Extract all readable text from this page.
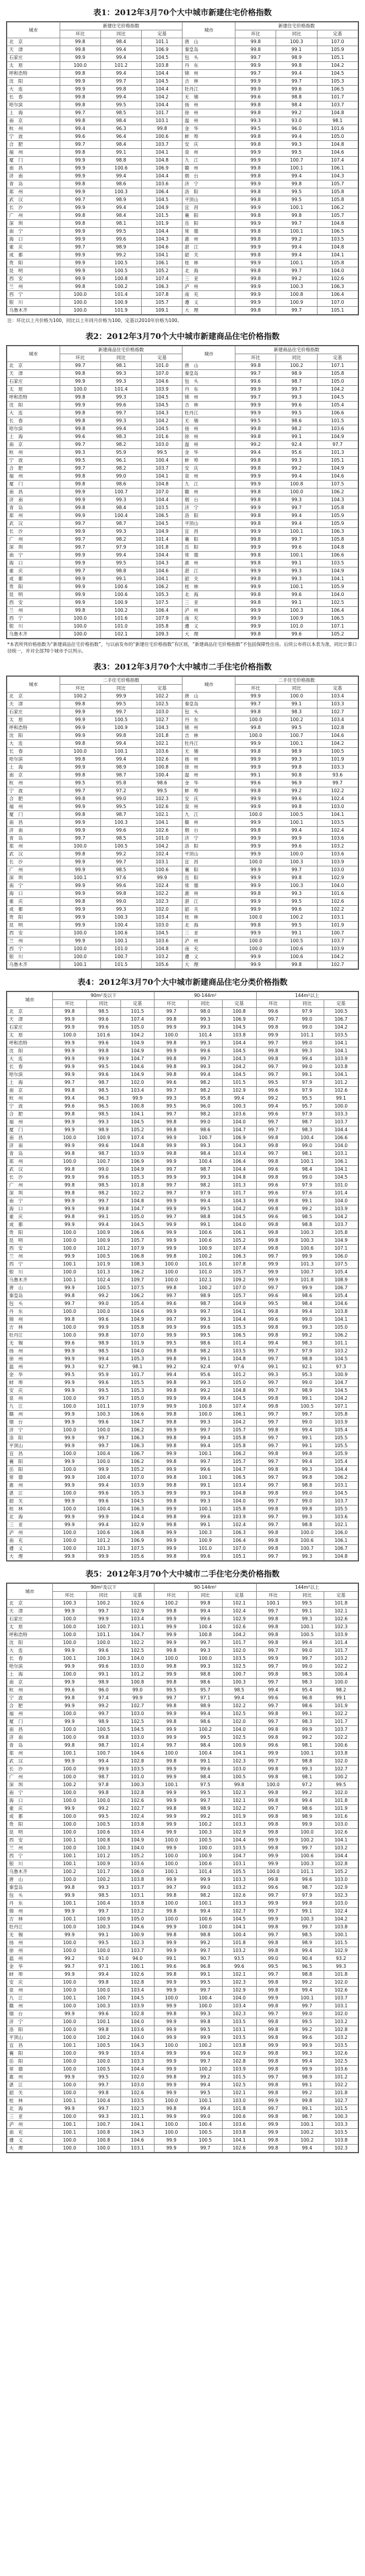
表1：2012年3月70个大中城市新建住宅价格指数
城市	新建住宅价格指数			城市	新建住宅价格指数		
	环比	同比	定基		环比	同比	定基
北　京	99.8	98.4	101.1	唐　山	99.8	100.3	107.0
天　津	99.8	99.4	106.9	秦皇岛	99.8	99.1	105.9
石家庄	99.9	99.4	104.5	包　头	99.7	98.9	105.1
太　原	100.0	101.2	103.8	丹　东	99.9	99.8	104.2
呼和浩特	99.8	99.4	104.4	锦　州	99.7	99.4	104.5
沈　阳	99.9	99.7	104.5	吉　林	99.9	99.7	105.3
大　连	99.9	99.8	104.4	牡丹江	99.9	99.6	106.5
长　春	99.8	99.4	104.2	无　锡	99.6	98.8	101.7
哈尔滨	99.8	99.5	104.4	扬　州	99.8	98.4	103.7
上　海	99.7	98.5	101.7	徐　州	99.8	99.2	104.8
南　京	99.8	98.4	103.1	温　州	99.3	93.0	98.1
杭　州	99.4	96.3	99.8	金　华	99.5	96.0	101.6
宁　波	99.6	96.4	100.6	蚌　埠	99.8	99.4	105.0
合　肥	99.7	98.4	103.7	安　庆	99.8	99.3	104.8
福　州	99.8	99.1	104.1	泉　州	99.9	99.5	104.6
厦　门	99.9	98.8	104.8	九　江	99.9	100.7	107.4
南　昌	99.9	100.6	106.9	赣　州	99.8	100.1	106.1
济　南	99.9	99.4	104.4	烟　台	99.8	99.4	104.3
青　岛	99.8	98.6	103.6	济　宁	99.9	99.8	105.7
郑　州	99.9	100.3	106.4	洛　阳	99.8	99.5	105.8
武　汉	99.7	98.9	104.5	平顶山	99.8	99.5	105.8
长　沙	99.9	99.4	104.9	宜　昌	99.9	100.1	106.2
广　州	99.8	98.4	101.5	襄　阳	99.8	99.8	105.7
深　圳	99.8	98.1	101.9	岳　阳	99.9	99.7	104.8
南　宁	99.9	99.5	104.4	常　德	99.8	100.1	106.5
海　口	99.9	99.6	104.3	惠　州	99.8	99.2	103.5
重　庆	99.7	98.9	104.6	湛　江	99.9	99.4	104.8
成　都	99.9	99.2	104.1	韶　关	99.8	99.4	104.1
贵　阳	99.9	100.5	106.1	桂　林	99.9	100.1	105.8
昆　明	99.9	100.5	105.2	北　海	99.8	99.7	104.0
西　安	99.9	100.8	107.4	三　亚	99.8	99.2	102.6
兰　州	99.8	100.2	106.3	泸　州	99.9	100.3	106.3
西　宁	100.0	101.4	107.8	南　充	99.9	100.8	106.4
银　川	100.0	100.9	105.7	遵　义	99.9	100.9	107.0
乌鲁木齐	100.0	101.9	109.1	大　理	99.8	99.7	105.1
注：环比以上月价格为100，同比以上年同月价格为100，定基以2010年价格为100。
表2：2012年3月70个大中城市新建商品住宅价格指数
城市	新建商品住宅价格指数			城市	新建商品住宅价格指数		
	环比	同比	定基		环比	同比	定基
北　京	99.7	98.1	101.0	唐　山	99.8	100.2	107.1
天　津	99.8	99.3	107.0	秦皇岛	99.7	98.9	105.8
石家庄	99.9	99.3	104.6	包　头	99.6	98.7	105.0
太　原	100.0	101.4	103.9	丹　东	99.9	99.7	104.2
呼和浩特	99.8	99.3	104.5	锦　州	99.7	99.3	104.5
沈　阳	99.9	99.6	104.5	吉　林	99.9	99.6	105.4
大　连	99.8	99.7	104.3	牡丹江	99.9	99.5	106.6
长　春	99.8	99.3	104.2	无　锡	99.5	98.6	101.5
哈尔滨	99.8	99.4	104.5	扬　州	99.8	98.2	103.6
上　海	99.6	98.3	101.6	徐　州	99.8	99.1	104.9
南　京	99.7	98.2	103.0	温　州	99.2	92.4	97.7
杭　州	99.3	95.9	99.5	金　华	99.4	95.6	101.3
宁　波	99.5	96.1	100.4	蚌　埠	99.8	99.3	105.1
合　肥	99.7	98.2	103.7	安　庆	99.8	99.2	104.9
福　州	99.8	99.0	104.1	泉　州	99.9	99.4	104.6
厦　门	99.8	98.6	104.8	九　江	99.9	100.8	107.5
南　昌	99.9	100.7	107.0	赣　州	99.8	100.0	106.2
济　南	99.9	99.3	104.4	烟　台	99.8	99.3	104.3
青　岛	99.8	98.4	103.5	济　宁	99.9	99.7	105.8
郑　州	99.9	100.4	106.5	洛　阳	99.8	99.4	105.9
武　汉	99.7	98.7	104.5	平顶山	99.8	99.4	105.9
长　沙	99.9	99.3	104.9	宜　昌	99.9	100.1	106.3
广　州	99.7	98.2	101.4	襄　阳	99.8	99.7	105.8
深　圳	99.7	97.9	101.8	岳　阳	99.9	99.6	104.8
南　宁	99.9	99.4	104.4	常　德	99.8	100.1	106.6
海　口	99.9	99.5	104.3	惠　州	99.8	99.1	103.5
重　庆	99.7	98.8	104.6	湛　江	99.9	99.3	104.9
成　都	99.9	99.1	104.1	韶　关	99.8	99.3	104.1
贵　阳	99.9	100.6	106.2	桂　林	99.9	100.1	105.9
昆　明	99.9	100.6	105.3	北　海	99.8	99.6	104.0
西　安	99.9	100.9	107.5	三　亚	99.8	99.1	102.5
兰　州	99.8	100.2	106.4	泸　州	99.9	100.3	106.4
西　宁	100.0	101.6	107.9	南　充	99.9	100.9	106.5
银　川	100.0	101.0	105.8	遵　义	99.9	101.0	107.1
乌鲁木齐	100.0	102.1	109.3	大　理	99.8	99.6	105.2
*本表所列价格指数为“新建商品住宅价格指数”，与以前发布的“新建住宅价格指数”有区别，“新建商品住宅价格指数”不包括保障性住房。后续公布将以本表为准，同比计算口径统一，并对全部70个城市予以列示。
表3：2012年3月70个大中城市二手住宅价格指数
城市	二手住宅价格指数			城市	二手住宅价格指数		
	环比	同比	定基		环比	同比	定基
北　京	100.2	99.9	102.2	唐　山	99.9	100.0	103.4
天　津	99.8	99.5	102.5	秦皇岛	99.7	99.1	103.3
石家庄	99.9	99.7	103.0	包　头	99.8	98.3	102.7
太　原	99.9	100.5	102.7	丹　东	100.0	100.2	103.4
呼和浩特	99.9	100.9	104.3	锦　州	99.8	99.5	102.8
沈　阳	99.9	99.8	101.8	吉　林	100.0	100.7	104.6
大　连	99.8	99.4	102.1	牡丹江	99.9	100.1	104.2
长　春	100.0	100.1	103.6	无　锡	99.8	98.9	100.5
哈尔滨	99.8	99.4	102.6	扬　州	99.9	99.3	101.9
上　海	99.9	98.9	100.8	徐　州	99.9	99.8	103.3
南　京	99.8	98.7	100.4	温　州	99.1	90.8	93.6
杭　州	99.5	95.8	98.6	金　华	99.6	96.9	99.7
宁　波	99.7	97.2	99.5	蚌　埠	99.8	99.2	102.2
合　肥	99.8	99.0	102.3	安　庆	99.9	99.6	102.4
福　州	99.9	99.5	102.6	泉　州	99.9	99.8	103.0
厦　门	99.8	98.7	102.1	九　江	100.0	100.5	104.1
南　昌	99.9	100.3	104.1	赣　州	99.9	100.1	103.5
济　南	99.9	99.6	102.6	烟　台	99.8	99.4	102.4
青　岛	99.7	98.5	101.0	济　宁	99.9	99.9	103.6
郑　州	100.0	100.5	104.2	洛　阳	99.9	99.6	103.2
武　汉	99.8	99.2	102.4	平顶山	99.9	100.0	103.6
长　沙	99.9	99.7	103.1	宜　昌	100.0	100.3	103.9
广　州	99.9	98.5	100.6	襄　阳	99.9	99.7	103.0
深　圳	100.1	97.6	99.9	岳　阳	99.9	99.8	102.9
南　宁	99.9	99.6	102.4	常　德	99.9	100.3	104.0
海　口	99.9	99.8	102.2	惠　州	99.8	99.3	101.6
重　庆	99.8	99.0	102.3	湛　江	99.9	99.5	102.6
成　都	99.9	99.3	102.0	韶　关	99.9	99.6	102.2
贵　阳	99.9	100.3	103.4	桂　林	100.0	100.2	103.1
昆　明	99.9	100.4	103.0	北　海	99.8	99.5	101.9
西　安	100.0	100.6	104.5	三　亚	99.9	99.1	100.7
兰　州	99.9	100.1	103.6	泸　州	100.0	100.5	103.7
西　宁	100.0	101.0	104.8	南　充	100.0	100.6	103.9
银　川	100.0	100.7	103.2	遵　义	99.9	100.6	104.2
乌鲁木齐	100.1	101.5	105.6	大　理	99.9	99.8	102.7
表4：2012年3月70个大中城市新建商品住宅分类价格指数
城市	90m²及以下			90-144m²			144m²以上		
	环比	同比	定基	环比	同比	定基	环比	同比	定基
北　京	99.8	98.5	101.5	99.7	98.0	100.8	99.6	97.9	100.5
天　津	99.9	99.6	107.4	99.8	99.3	106.9	99.7	99.0	106.7
石家庄	99.9	99.6	105.0	99.9	99.3	104.5	99.8	99.0	104.2
太　原	100.0	101.6	104.2	100.0	101.4	103.8	99.9	101.1	103.5
呼和浩特	99.9	99.6	104.9	99.8	99.3	104.4	99.7	99.0	104.1
沈　阳	99.9	99.8	104.9	99.9	99.6	104.5	99.8	99.3	104.1
大　连	99.9	99.9	104.7	99.8	99.7	104.3	99.8	99.4	103.9
长　春	99.9	99.5	104.6	99.8	99.3	104.2	99.7	99.0	103.8
哈尔滨	99.9	99.6	104.9	99.8	99.4	104.5	99.7	99.1	104.1
上　海	99.7	98.7	102.0	99.6	98.2	101.5	99.5	97.9	101.2
南　京	99.8	98.5	103.4	99.7	98.2	102.9	99.6	97.9	102.6
杭　州	99.4	96.3	99.9	99.3	95.8	99.4	99.2	95.5	99.1
宁　波	99.6	96.5	100.8	99.5	96.0	100.3	99.4	95.7	100.0
合　肥	99.8	98.5	104.1	99.7	98.2	103.6	99.6	97.9	103.3
福　州	99.9	99.3	104.5	99.8	99.0	104.0	99.7	98.7	103.7
厦　门	99.9	98.9	105.2	99.8	98.6	104.7	99.7	98.3	104.4
南　昌	100.0	100.9	107.4	99.9	100.7	106.9	99.8	100.4	106.6
济　南	99.9	99.6	104.8	99.9	99.3	104.3	99.8	99.0	104.0
青　岛	99.8	98.7	103.9	99.8	98.4	103.4	99.7	98.1	103.1
郑　州	100.0	100.7	106.9	99.9	100.4	106.4	99.8	100.1	106.1
武　汉	99.8	99.0	104.9	99.7	98.7	104.4	99.6	98.4	104.1
长　沙	99.9	99.6	105.3	99.9	99.3	104.8	99.8	99.0	104.5
广　州	99.8	98.5	101.8	99.7	98.2	101.3	99.6	97.9	101.0
深　圳	99.8	98.2	102.2	99.7	97.9	101.7	99.6	97.6	101.4
南　宁	99.9	99.7	104.8	99.9	99.4	104.3	99.8	99.1	104.0
海　口	99.9	99.8	104.7	99.9	99.5	104.2	99.8	99.2	103.9
重　庆	99.8	99.1	105.0	99.7	98.8	104.5	99.6	98.5	104.2
成　都	99.9	99.4	104.5	99.9	99.1	104.0	99.8	98.8	103.7
贵　阳	100.0	100.9	106.6	99.9	100.6	106.1	99.8	100.3	105.8
昆　明	100.0	100.9	105.7	99.9	100.6	105.2	99.8	100.3	104.9
西　安	100.0	101.2	107.9	99.9	100.9	107.4	99.8	100.6	107.1
兰　州	99.9	100.5	106.8	99.8	100.2	106.3	99.7	99.9	106.0
西　宁	100.1	101.9	108.3	100.0	101.6	107.8	99.9	101.3	107.5
银　川	100.0	101.3	106.2	100.0	101.0	105.7	99.9	100.7	105.4
乌鲁木齐	100.1	102.4	109.7	100.0	102.1	109.2	99.9	101.8	108.9
唐　山	99.9	100.5	107.5	99.8	100.2	107.0	99.7	99.9	106.7
秦皇岛	99.8	99.2	106.2	99.7	98.9	105.7	99.6	98.6	105.4
包　头	99.7	99.0	105.4	99.6	98.7	104.9	99.5	98.4	104.6
丹　东	100.0	100.0	104.6	99.9	99.7	104.1	99.8	99.4	103.8
锦　州	99.8	99.6	104.9	99.7	99.3	104.4	99.6	99.0	104.1
吉　林	100.0	99.9	105.8	99.9	99.6	105.3	99.8	99.3	105.0
牡丹江	100.0	99.8	107.0	99.9	99.5	106.5	99.8	99.2	106.2
无　锡	99.6	98.9	101.9	99.5	98.6	101.4	99.4	98.3	101.1
扬　州	99.9	98.5	104.0	99.8	98.2	103.5	99.7	97.9	103.2
徐　州	99.9	99.4	105.3	99.8	99.1	104.8	99.7	98.8	104.5
温　州	99.3	92.7	98.1	99.2	92.4	97.6	99.1	92.1	97.3
金　华	99.5	95.9	101.7	99.4	95.6	101.2	99.3	95.3	100.9
蚌　埠	99.9	99.6	105.5	99.8	99.3	105.0	99.7	99.0	104.7
安　庆	99.9	99.5	105.3	99.8	99.2	104.8	99.7	98.9	104.5
泉　州	100.0	99.7	105.0	99.9	99.4	104.5	99.8	99.1	104.2
九　江	100.0	101.1	107.9	99.9	100.8	107.4	99.8	100.5	107.1
赣　州	99.9	100.3	106.6	99.8	100.0	106.1	99.7	99.7	105.8
烟　台	99.9	99.6	104.7	99.8	99.3	104.2	99.7	99.0	103.9
济　宁	100.0	100.0	106.2	99.9	99.7	105.7	99.8	99.4	105.4
洛　阳	99.9	99.7	106.3	99.8	99.4	105.8	99.7	99.1	105.5
平顶山	99.9	99.7	106.3	99.8	99.4	105.8	99.7	99.1	105.5
宜　昌	100.0	100.4	106.7	99.9	100.1	106.2	99.8	99.8	105.9
襄　阳	99.9	100.0	106.2	99.8	99.7	105.7	99.7	99.4	105.4
岳　阳	100.0	99.9	105.2	99.9	99.6	104.7	99.8	99.3	104.4
常　德	99.9	100.4	107.0	99.8	100.1	106.5	99.7	99.8	106.2
惠　州	99.9	99.4	103.9	99.8	99.1	103.4	99.7	98.8	103.1
湛　江	100.0	99.6	105.3	99.9	99.3	104.8	99.8	99.0	104.5
韶　关	99.9	99.6	104.5	99.8	99.3	104.0	99.7	99.0	103.7
桂　林	100.0	100.4	106.3	99.9	100.1	105.8	99.8	99.8	105.5
北　海	99.9	99.9	104.4	99.8	99.6	103.9	99.7	99.3	103.6
三　亚	99.9	99.4	102.9	99.8	99.1	102.4	99.7	98.8	102.1
泸　州	100.0	100.6	106.8	99.9	100.3	106.3	99.8	100.0	106.0
南　充	100.0	101.2	106.9	99.9	100.9	106.4	99.8	100.6	106.1
遵　义	100.0	101.3	107.5	99.9	101.0	107.0	99.8	100.7	106.7
大　理	99.9	99.9	105.6	99.8	99.6	105.1	99.7	99.3	104.8
表5：2012年3月70个大中城市二手住宅分类价格指数
城市	90m²及以下			90-144m²			144m²以上		
	环比	同比	定基	环比	同比	定基	环比	同比	定基
北　京	100.3	100.2	102.6	100.2	99.8	102.1	100.1	99.5	101.8
天　津	99.9	99.7	102.9	99.8	99.4	102.4	99.7	99.1	102.1
石家庄	100.0	99.9	103.4	99.9	99.6	102.9	99.8	99.3	102.6
太　原	100.0	100.7	103.1	99.9	100.4	102.6	99.8	100.1	102.3
呼和浩特	100.0	101.1	104.7	99.9	100.8	104.2	99.8	100.5	103.9
沈　阳	100.0	100.0	102.2	99.9	99.7	101.7	99.8	99.4	101.4
大　连	99.9	99.6	102.5	99.8	99.3	102.0	99.7	99.0	101.7
长　春	100.1	100.3	104.0	100.0	100.0	103.5	99.9	99.7	103.2
哈尔滨	99.9	99.6	103.0	99.8	99.3	102.5	99.7	99.0	102.2
上　海	100.0	99.1	101.2	99.9	98.8	100.7	99.8	98.5	100.4
南　京	99.9	98.9	100.8	99.8	98.6	100.3	99.7	98.3	100.0
杭　州	99.6	96.0	99.0	99.5	95.7	98.5	99.4	95.4	98.2
宁　波	99.8	97.4	99.9	99.7	97.1	99.4	99.6	96.8	99.1
合　肥	99.9	99.2	102.7	99.8	98.9	102.2	99.7	98.6	101.9
福　州	100.0	99.7	103.0	99.9	99.4	102.5	99.8	99.1	102.2
厦　门	99.9	98.9	102.5	99.8	98.6	102.0	99.7	98.3	101.7
南　昌	100.0	100.5	104.5	99.9	100.2	104.0	99.8	99.9	103.7
济　南	100.0	99.8	103.0	99.9	99.5	102.5	99.8	99.2	102.2
青　岛	99.8	98.7	101.4	99.7	98.4	100.9	99.6	98.1	100.6
郑　州	100.1	100.7	104.6	100.0	100.4	104.1	99.9	100.1	103.8
武　汉	99.9	99.4	102.8	99.8	99.1	102.3	99.7	98.8	102.0
长　沙	100.0	99.9	103.5	99.9	99.6	103.0	99.8	99.3	102.7
广　州	100.0	98.7	101.0	99.9	98.4	100.5	99.8	98.1	100.2
深　圳	100.2	97.8	100.3	100.1	97.5	99.8	100.0	97.2	99.5
南　宁	100.0	99.8	102.8	99.9	99.5	102.3	99.8	99.2	102.0
海　口	100.0	100.0	102.6	99.9	99.7	102.1	99.8	99.4	101.8
重　庆	99.9	99.2	102.7	99.8	98.9	102.2	99.7	98.6	101.9
成　都	100.0	99.5	102.4	99.9	99.2	101.9	99.8	98.9	101.6
贵　阳	100.0	100.5	103.8	99.9	100.2	103.3	99.8	99.9	103.0
昆　明	100.0	100.6	103.4	99.9	100.3	102.9	99.8	100.0	102.6
西　安	100.1	100.8	104.9	100.0	100.5	104.4	99.9	100.2	104.1
兰　州	100.0	100.3	104.0	99.9	100.0	103.5	99.8	99.7	103.2
西　宁	100.1	101.2	105.2	100.0	100.9	104.7	99.9	100.6	104.4
银　川	100.1	100.9	103.6	100.0	100.6	103.1	99.9	100.3	102.8
乌鲁木齐	100.2	101.7	106.0	100.1	101.4	105.5	100.0	101.1	105.2
唐　山	100.0	100.2	103.8	99.9	99.9	103.3	99.8	99.6	103.0
秦皇岛	99.8	99.3	103.7	99.7	99.0	103.2	99.6	98.7	102.9
包　头	99.9	98.5	103.1	99.8	98.2	102.6	99.7	97.9	102.3
丹　东	100.1	100.4	103.8	100.0	100.1	103.3	99.9	99.8	103.0
锦　州	99.9	99.7	103.2	99.8	99.4	102.7	99.7	99.1	102.4
吉　林	100.1	100.9	105.0	100.0	100.6	104.5	99.9	100.3	104.2
牡丹江	100.0	100.3	104.6	99.9	100.0	104.1	99.8	99.7	103.8
无　锡	99.9	99.1	100.9	99.8	98.8	100.4	99.7	98.5	100.1
扬　州	100.0	99.5	102.3	99.9	99.2	101.8	99.8	98.9	101.5
徐　州	100.0	100.0	103.7	99.9	99.7	103.2	99.8	99.4	102.9
温　州	99.2	91.0	94.0	99.1	90.7	93.5	99.0	90.4	93.2
金　华	99.7	97.1	100.1	99.6	96.8	99.6	99.5	96.5	99.3
蚌　埠	99.9	99.4	102.6	99.8	99.1	102.1	99.7	98.8	101.8
安　庆	100.0	99.8	102.8	99.9	99.5	102.3	99.8	99.2	102.0
泉　州	100.0	100.0	103.4	99.9	99.7	102.9	99.8	99.4	102.6
九　江	100.1	100.7	104.5	100.0	100.4	104.0	99.9	100.1	103.7
赣　州	100.0	100.3	103.9	99.9	100.0	103.4	99.8	99.7	103.1
烟　台	99.9	99.6	102.8	99.8	99.3	102.3	99.7	99.0	102.0
济　宁	100.0	100.1	104.0	99.9	99.8	103.5	99.8	99.5	103.2
洛　阳	100.0	99.8	103.6	99.9	99.5	103.1	99.8	99.2	102.8
平顶山	100.0	100.2	104.0	99.9	99.9	103.5	99.8	99.6	103.2
宜　昌	100.1	100.5	104.3	100.0	100.2	103.8	99.9	99.9	103.5
襄　阳	100.0	99.9	103.4	99.9	99.6	102.9	99.8	99.3	102.6
岳　阳	100.0	100.0	103.3	99.9	99.7	102.8	99.8	99.4	102.5
常　德	100.0	100.5	104.4	99.9	100.2	103.9	99.8	99.9	103.6
惠　州	99.9	99.5	102.0	99.8	99.2	101.5	99.7	98.9	101.2
湛　江	100.0	99.7	103.0	99.9	99.4	102.5	99.8	99.1	102.2
韶　关	100.0	99.8	102.6	99.9	99.5	102.1	99.8	99.2	101.8
桂　林	100.1	100.4	103.5	100.0	100.1	103.0	99.9	99.8	102.7
北　海	99.9	99.7	102.3	99.8	99.4	101.8	99.7	99.1	101.5
三　亚	100.0	99.3	101.1	99.9	99.0	100.6	99.8	98.7	100.3
泸　州	100.1	100.7	104.1	100.0	100.4	103.6	99.9	100.1	103.3
南　充	100.1	100.8	104.3	100.0	100.5	103.8	99.9	100.2	103.5
遵　义	100.0	100.8	104.6	99.9	100.5	104.1	99.8	100.2	103.8
大　理	100.0	100.0	103.1	99.9	99.7	102.6	99.8	99.4	102.3
